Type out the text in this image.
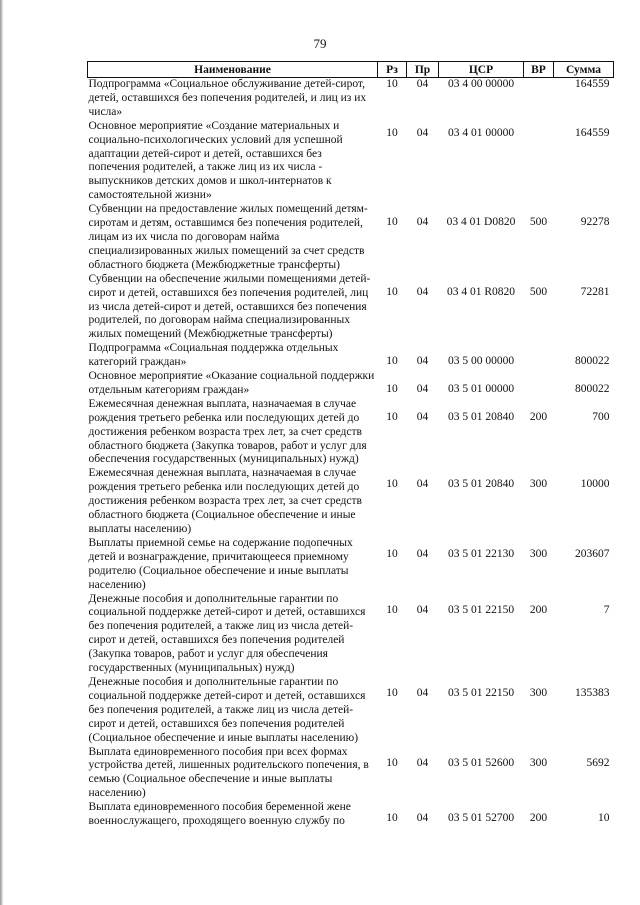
79
Наименование	Рз	Пр	ЦСР	ВР	Сумма
Подпрограмма «Социальное обслуживание детей-сирот, детей, оставшихся без попечения родителей, и лиц из их числа»	10	04	03 4 00 00000		164559
Основное мероприятие «Создание материальных и социально-психологических условий для успешной адаптации детей-сирот и детей, оставшихся без попечения родителей, а также лиц из их числа - выпускников детских домов и школ-интернатов к самостоятельной жизни»	10	04	03 4 01 00000		164559
Субвенции на предоставление жилых помещений детям-сиротам и детям, оставшимся без попечения родителей, лицам из их числа по договорам найма специализированных жилых помещений за счет средств областного бюджета (Межбюджетные трансферты)	10	04	03 4 01 D0820	500	92278
Субвенции на обеспечение жилыми помещениями детей-сирот и детей, оставшихся без попечения родителей, лиц из числа детей-сирот и детей, оставшихся без попечения родителей, по договорам найма специализированных жилых помещений (Межбюджетные трансферты)	10	04	03 4 01 R0820	500	72281
Подпрограмма «Социальная поддержка отдельных категорий граждан»	10	04	03 5 00 00000		800022
Основное мероприятие «Оказание социальной поддержки отдельным категориям граждан»	10	04	03 5 01 00000		800022
Ежемесячная денежная выплата, назначаемая в случае рождения третьего ребенка или последующих детей до достижения ребенком возраста трех лет, за счет средств областного бюджета (Закупка товаров, работ и услуг для обеспечения государственных (муниципальных) нужд)	10	04	03 5 01 20840	200	700
Ежемесячная денежная выплата, назначаемая в случае рождения третьего ребенка или последующих детей до достижения ребенком возраста трех лет, за счет средств областного бюджета (Социальное обеспечение и иные выплаты населению)	10	04	03 5 01 20840	300	10000
Выплаты приемной семье на содержание подопечных детей и вознаграждение, причитающееся приемному родителю (Социальное обеспечение и иные выплаты населению)	10	04	03 5 01 22130	300	203607
Денежные пособия и дополнительные гарантии по социальной поддержке детей-сирот и детей, оставшихся без попечения родителей, а также лиц из числа детей-сирот и детей, оставшихся без попечения родителей (Закупка товаров, работ и услуг для обеспечения государственных (муниципальных) нужд)	10	04	03 5 01 22150	200	7
Денежные пособия и дополнительные гарантии по социальной поддержке детей-сирот и детей, оставшихся без попечения родителей, а также лиц из числа детей-сирот и детей, оставшихся без попечения родителей (Социальное обеспечение и иные выплаты населению)	10	04	03 5 01 22150	300	135383
Выплата единовременного пособия при всех формах устройства детей, лишенных родительского попечения, в семью (Социальное обеспечение и иные выплаты населению)	10	04	03 5 01 52600	300	5692
Выплата единовременного пособия беременной жене военнослужащего, проходящего военную службу по	10	04	03 5 01 52700	200	10
